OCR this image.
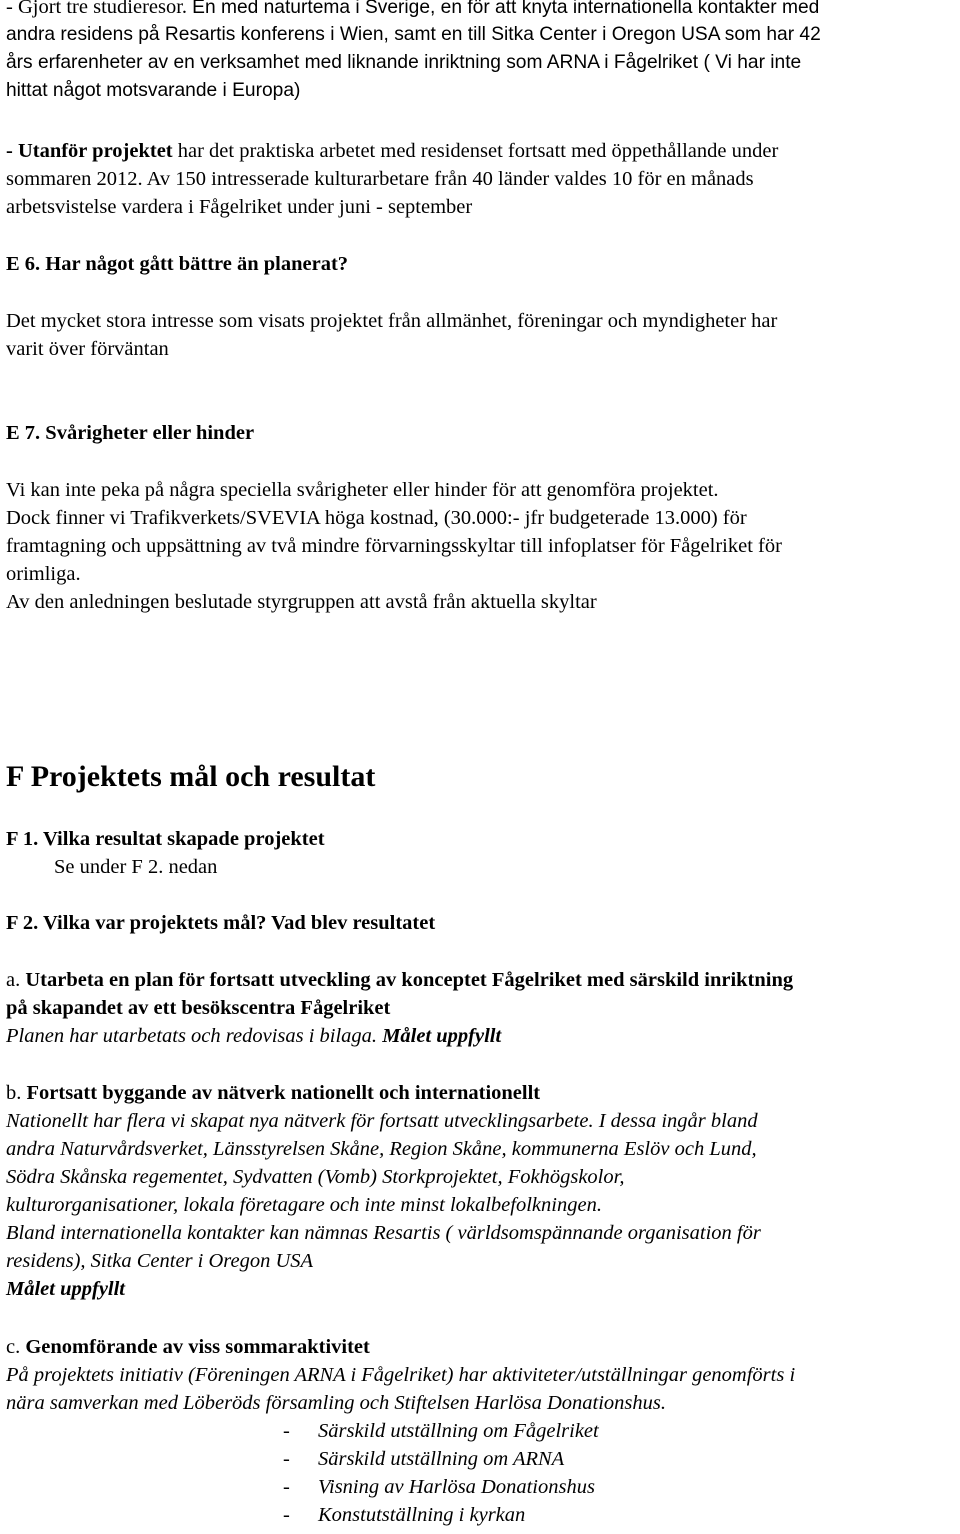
- Gjort tre studieresor. En med naturtema i Sverige, en för att knyta internationella kontakter med
andra residens på Resartis konferens i Wien, samt en till Sitka Center i Oregon USA som har 42
års erfarenheter av en verksamhet med liknande inriktning som ARNA i Fågelriket ( Vi har inte
hittat något motsvarande i Europa)
- Utanför projektet har det praktiska arbetet med residenset fortsatt med öppethållande under
sommaren 2012. Av 150 intresserade kulturarbetare från 40 länder valdes 10 för en månads
arbetsvistelse vardera i Fågelriket under juni - september
E 6. Har något gått bättre än planerat?
Det mycket stora intresse som visats projektet från allmänhet, föreningar och myndigheter har
varit över förväntan
E 7. Svårigheter eller hinder
Vi kan inte peka på några speciella svårigheter eller hinder för att genomföra projektet.
Dock finner vi Trafikverkets/SVEVIA höga kostnad, (30.000:- jfr budgeterade 13.000) för
framtagning och uppsättning av två mindre förvarningsskyltar till infoplatser för Fågelriket för
orimliga.
Av den anledningen beslutade styrgruppen att avstå från aktuella skyltar
F Projektets mål och resultat
F 1. Vilka resultat skapade projektet
Se under F 2. nedan
F 2. Vilka var projektets mål? Vad blev resultatet
a. Utarbeta en plan för fortsatt utveckling av konceptet Fågelriket med särskild inriktning
på skapandet av ett besökscentra Fågelriket
Planen har utarbetats och redovisas i bilaga. Målet uppfyllt
b. Fortsatt byggande av nätverk nationellt och internationellt
Nationellt har flera vi skapat nya nätverk för fortsatt utvecklingsarbete. I dessa ingår bland
andra Naturvårdsverket, Länsstyrelsen Skåne, Region Skåne, kommunerna Eslöv och Lund,
Södra Skånska regementet, Sydvatten (Vomb) Storkprojektet, Fokhögskolor,
kulturorganisationer, lokala företagare och inte minst lokalbefolkningen.
Bland internationella kontakter kan nämnas Resartis ( världsomspännande organisation för
residens), Sitka Center i Oregon USA
Målet uppfyllt
c. Genomförande av viss sommaraktivitet
På projektets initiativ (Föreningen ARNA i Fågelriket) har aktiviteter/utställningar genomförts i
nära samverkan med Löberöds församling och Stiftelsen Harlösa Donationshus.
- Särskild utställning om Fågelriket
- Särskild utställning om ARNA
- Visning av Harlösa Donationshus
- Konstutställning i kyrkan
